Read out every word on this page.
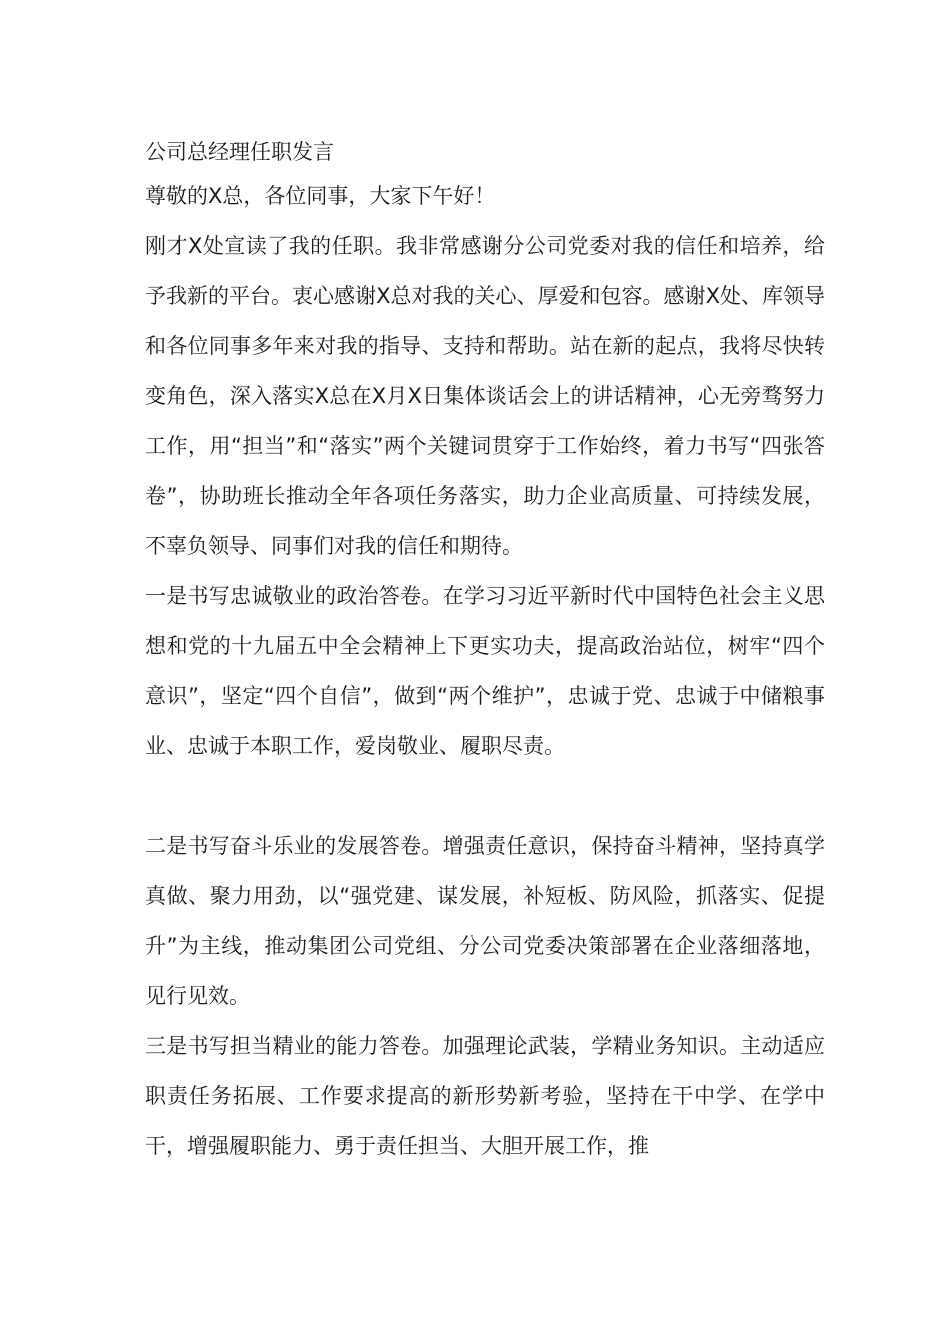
公司总经理任职发言

尊敬的X总，各位同事，大家下午好！

刚才X处宣读了我的任职。我非常感谢分公司党委对我的信任和培养，给予我新的平台。衷心感谢X总对我的关心、厚爱和包容。感谢X处、库领导和各位同事多年来对我的指导、支持和帮助。站在新的起点，我将尽快转变角色，深入落实X总在X月X日集体谈话会上的讲话精神，心无旁骛努力工作，用“担当”和“落实”两个关键词贯穿于工作始终，着力书写“四张答卷”，协助班长推动全年各项任务落实，助力企业高质量、可持续发展，不辜负领导、同事们对我的信任和期待。

一是书写忠诚敬业的政治答卷。在学习习近平新时代中国特色社会主义思想和党的十九届五中全会精神上下更实功夫，提高政治站位，树牢“四个意识”，坚定“四个自信”，做到“两个维护”，忠诚于党、忠诚于中储粮事业、忠诚于本职工作，爱岗敬业、履职尽责。

二是书写奋斗乐业的发展答卷。增强责任意识，保持奋斗精神，坚持真学真做、聚力用劲，以“强党建、谋发展，补短板、防风险，抓落实、促提升”为主线，推动集团公司党组、分公司党委决策部署在企业落细落地，见行见效。

三是书写担当精业的能力答卷。加强理论武装，学精业务知识。主动适应职责任务拓展、工作要求提高的新形势新考验，坚持在干中学、在学中干，增强履职能力、勇于责任担当、大胆开展工作，推
